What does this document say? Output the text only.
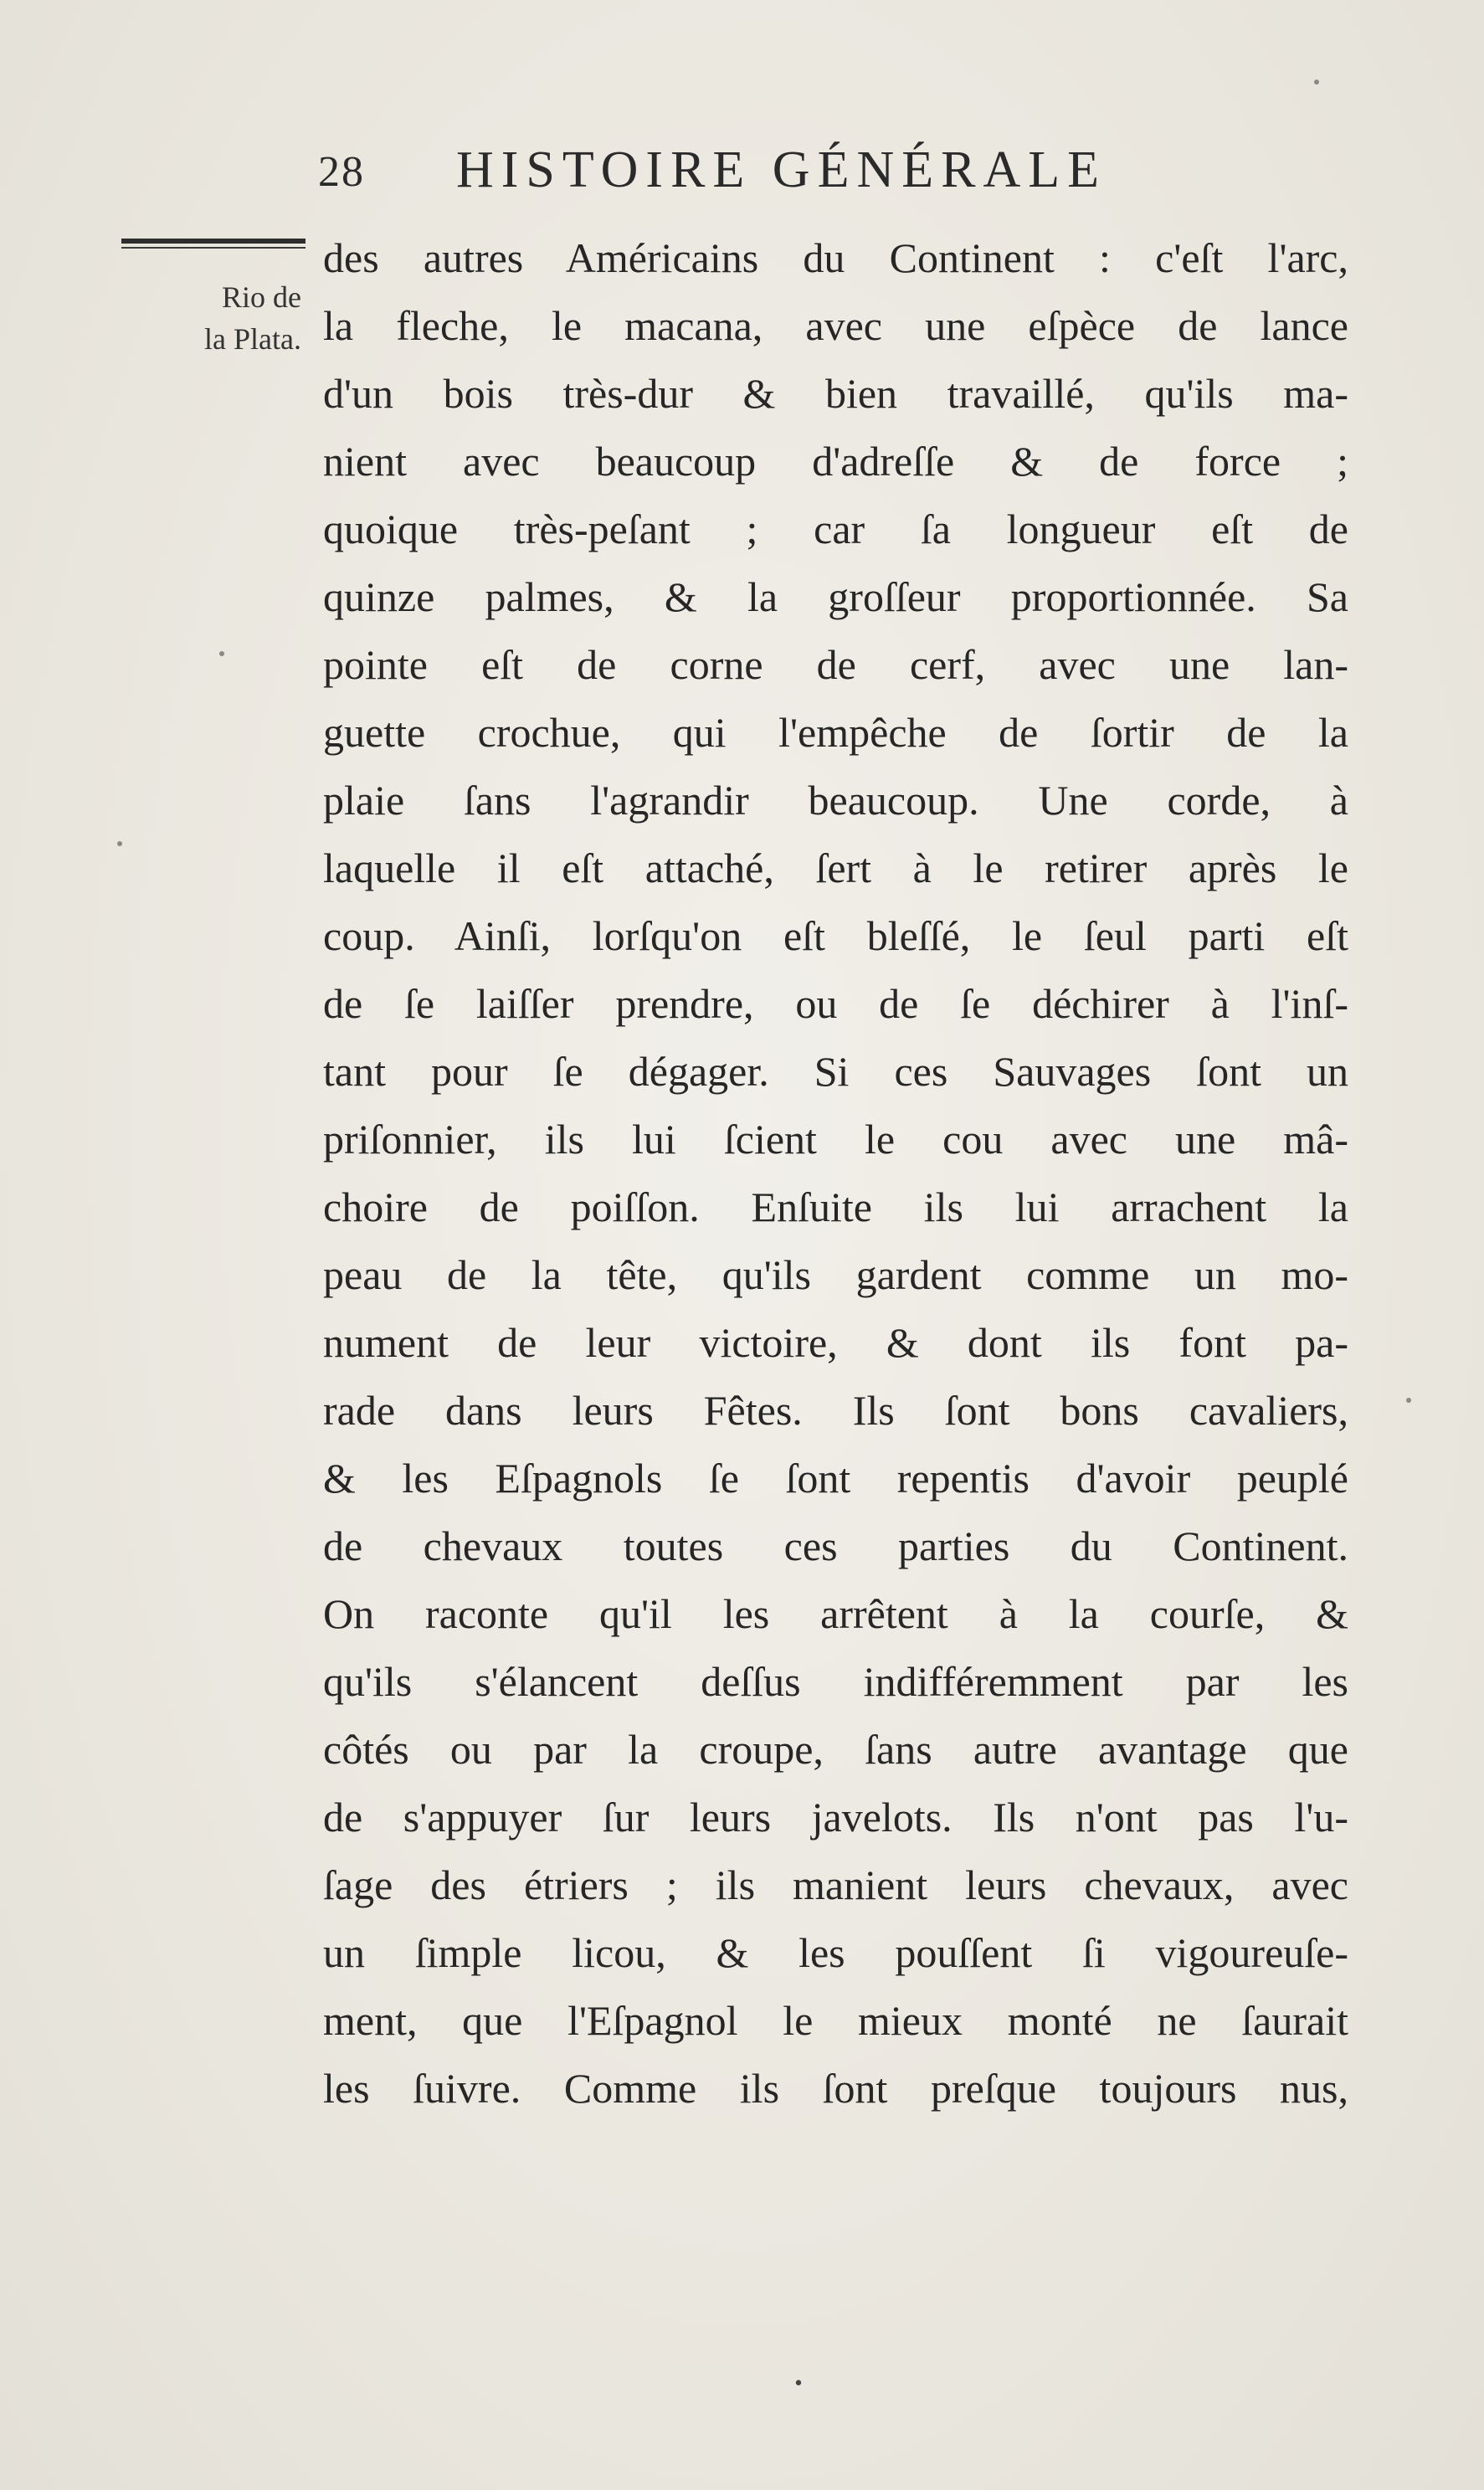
28 HISTOIRE GÉNÉRALE
Rio de
la Plata.
des autres Américains du Continent : c'eſt l'arc,
la fleche, le macana, avec une eſpèce de lance
d'un bois très-dur & bien travaillé, qu'ils ma-
nient avec beaucoup d'adreſſe & de force ;
quoique très-peſant ; car ſa longueur eſt de
quinze palmes, & la groſſeur proportionnée. Sa
pointe eſt de corne de cerf, avec une lan-
guette crochue, qui l'empêche de ſortir de la
plaie ſans l'agrandir beaucoup. Une corde, à
laquelle il eſt attaché, ſert à le retirer après le
coup. Ainſi, lorſqu'on eſt bleſſé, le ſeul parti eſt
de ſe laiſſer prendre, ou de ſe déchirer à l'inſ-
tant pour ſe dégager. Si ces Sauvages ſont un
priſonnier, ils lui ſcient le cou avec une mâ-
choire de poiſſon. Enſuite ils lui arrachent la
peau de la tête, qu'ils gardent comme un mo-
nument de leur victoire, & dont ils font pa-
rade dans leurs Fêtes. Ils ſont bons cavaliers,
& les Eſpagnols ſe ſont repentis d'avoir peuplé
de chevaux toutes ces parties du Continent.
On raconte qu'il les arrêtent à la courſe, &
qu'ils s'élancent deſſus indifféremment par les
côtés ou par la croupe, ſans autre avantage que
de s'appuyer ſur leurs javelots. Ils n'ont pas l'u-
ſage des étriers ; ils manient leurs chevaux, avec
un ſimple licou, & les pouſſent ſi vigoureuſe-
ment, que l'Eſpagnol le mieux monté ne ſaurait
les ſuivre. Comme ils ſont preſque toujours nus,
•
